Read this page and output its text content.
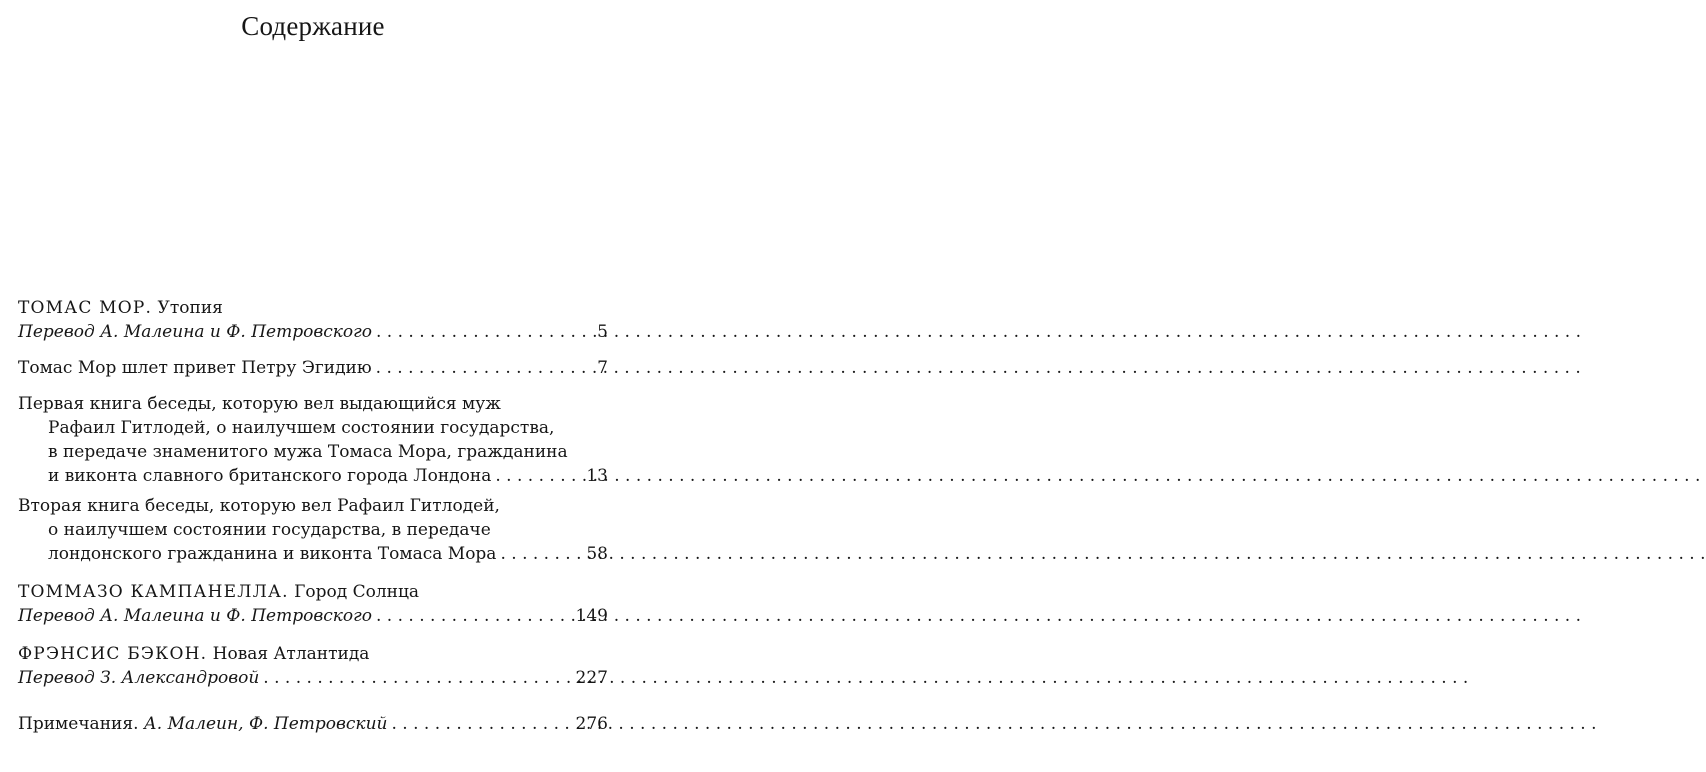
Содержание
ТОМАС МОР. Утопия
Перевод А. Малеина и Ф. Петровского . . .	5
Томас Мор шлет привет Петру Эгидию . . .	7
Первая книга беседы, которую вел выдающийся муж
Рафаил Гитлодей, о наилучшем состоянии государства,
в передаче знаменитого мужа Томаса Мора, гражданина
и виконта славного британского города Лондона . . .	13
Вторая книга беседы, которую вел Рафаил Гитлодей,
о наилучшем состоянии государства, в передаче
лондонского гражданина и виконта Томаса Мора . . .	58
ТОММАЗО КАМПАНЕЛЛА. Город Солнца
Перевод А. Малеина и Ф. Петровского . . .	149
ФРЭНСИС БЭКОН. Новая Атлантида
Перевод З. Александровой . . .	227
Примечания. А. Малеин, Ф. Петровский . . .	276
